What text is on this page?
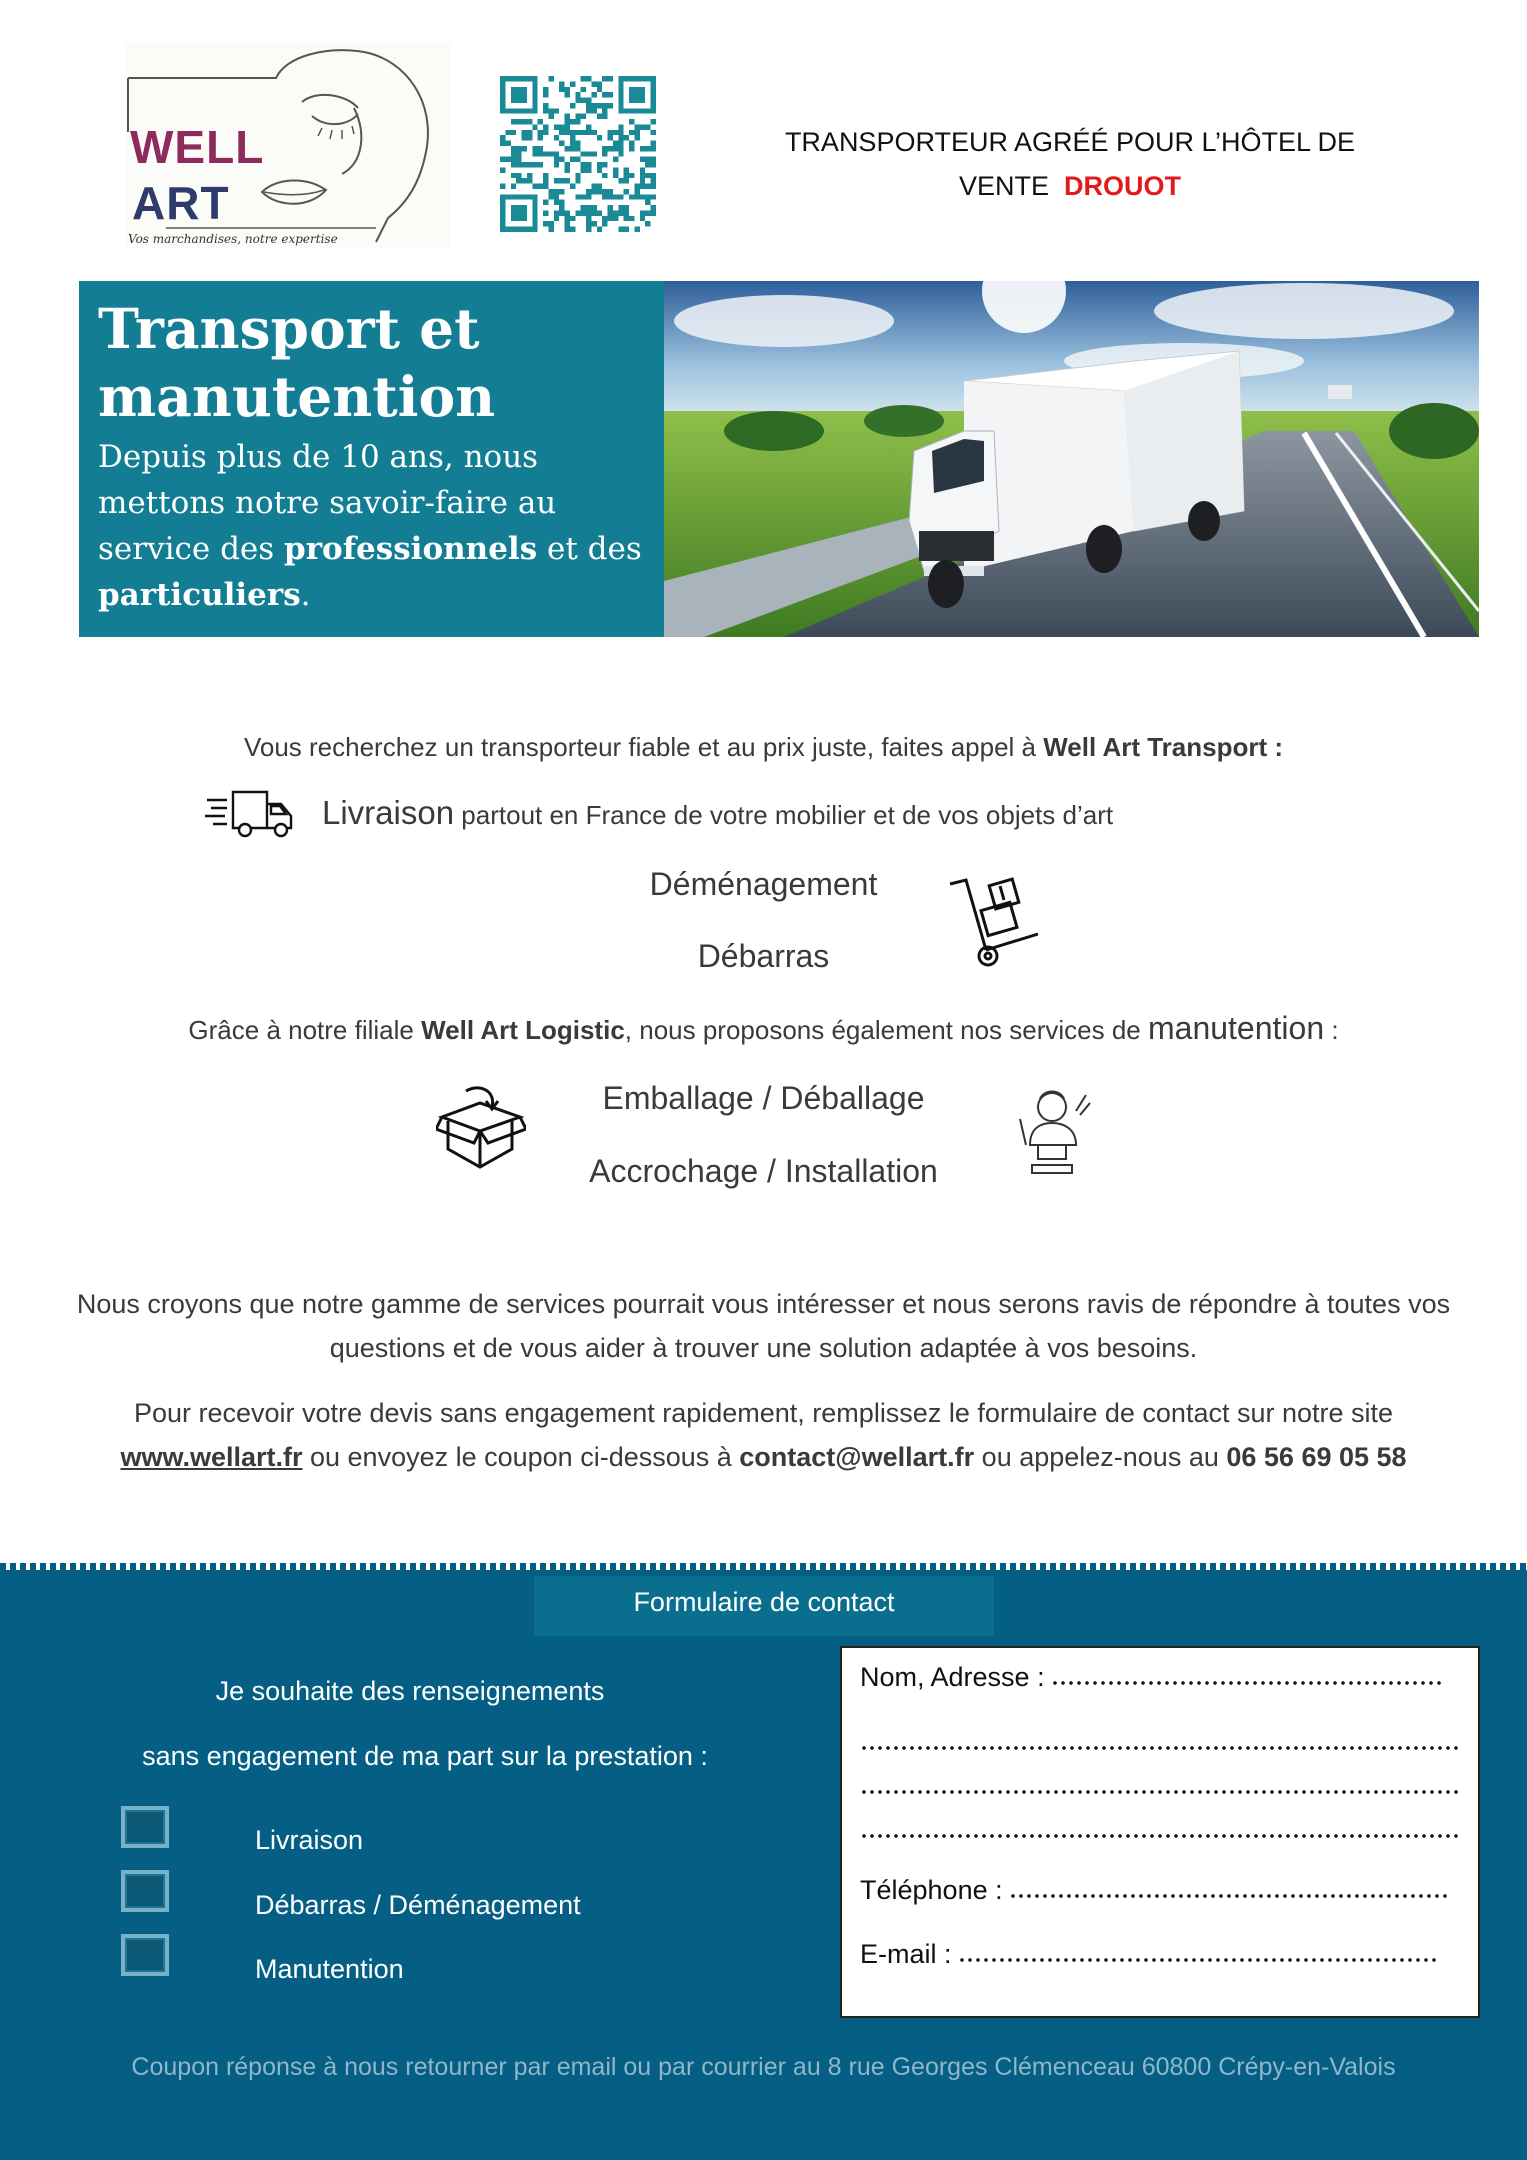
WELL
ART
Vos marchandises, notre expertise
TRANSPORTEUR AGRÉÉ POUR L’HÔTEL DE
VENTE DROUOT
Transport et manutention

Depuis plus de 10 ans, nous mettons notre savoir-faire au service des professionnels et des particuliers.

Vous recherchez un transporteur fiable et au prix juste, faites appel à Well Art Transport :
Livraison partout en France de votre mobilier et de vos objets d’art
Déménagement
Débarras
Grâce à notre filiale Well Art Logistic, nous proposons également nos services de manutention :
Emballage / Déballage
Accrochage / Installation

Nous croyons que notre gamme de services pourrait vous intéresser et nous serons ravis de répondre à toutes vos questions et de vous aider à trouver une solution adaptée à vos besoins.

Pour recevoir votre devis sans engagement rapidement, remplissez le formulaire de contact sur notre site www.wellart.fr ou envoyez le coupon ci-dessous à contact@wellart.fr ou appelez-nous au 06 56 69 05 58

Formulaire de contact
Je souhaite des renseignements
sans engagement de ma part sur la prestation :
Livraison
Débarras / Déménagement
Manutention
Nom, Adresse :
Téléphone :
E-mail :
Coupon réponse à nous retourner par email ou par courrier au 8 rue Georges Clémenceau 60800 Crépy-en-Valois
